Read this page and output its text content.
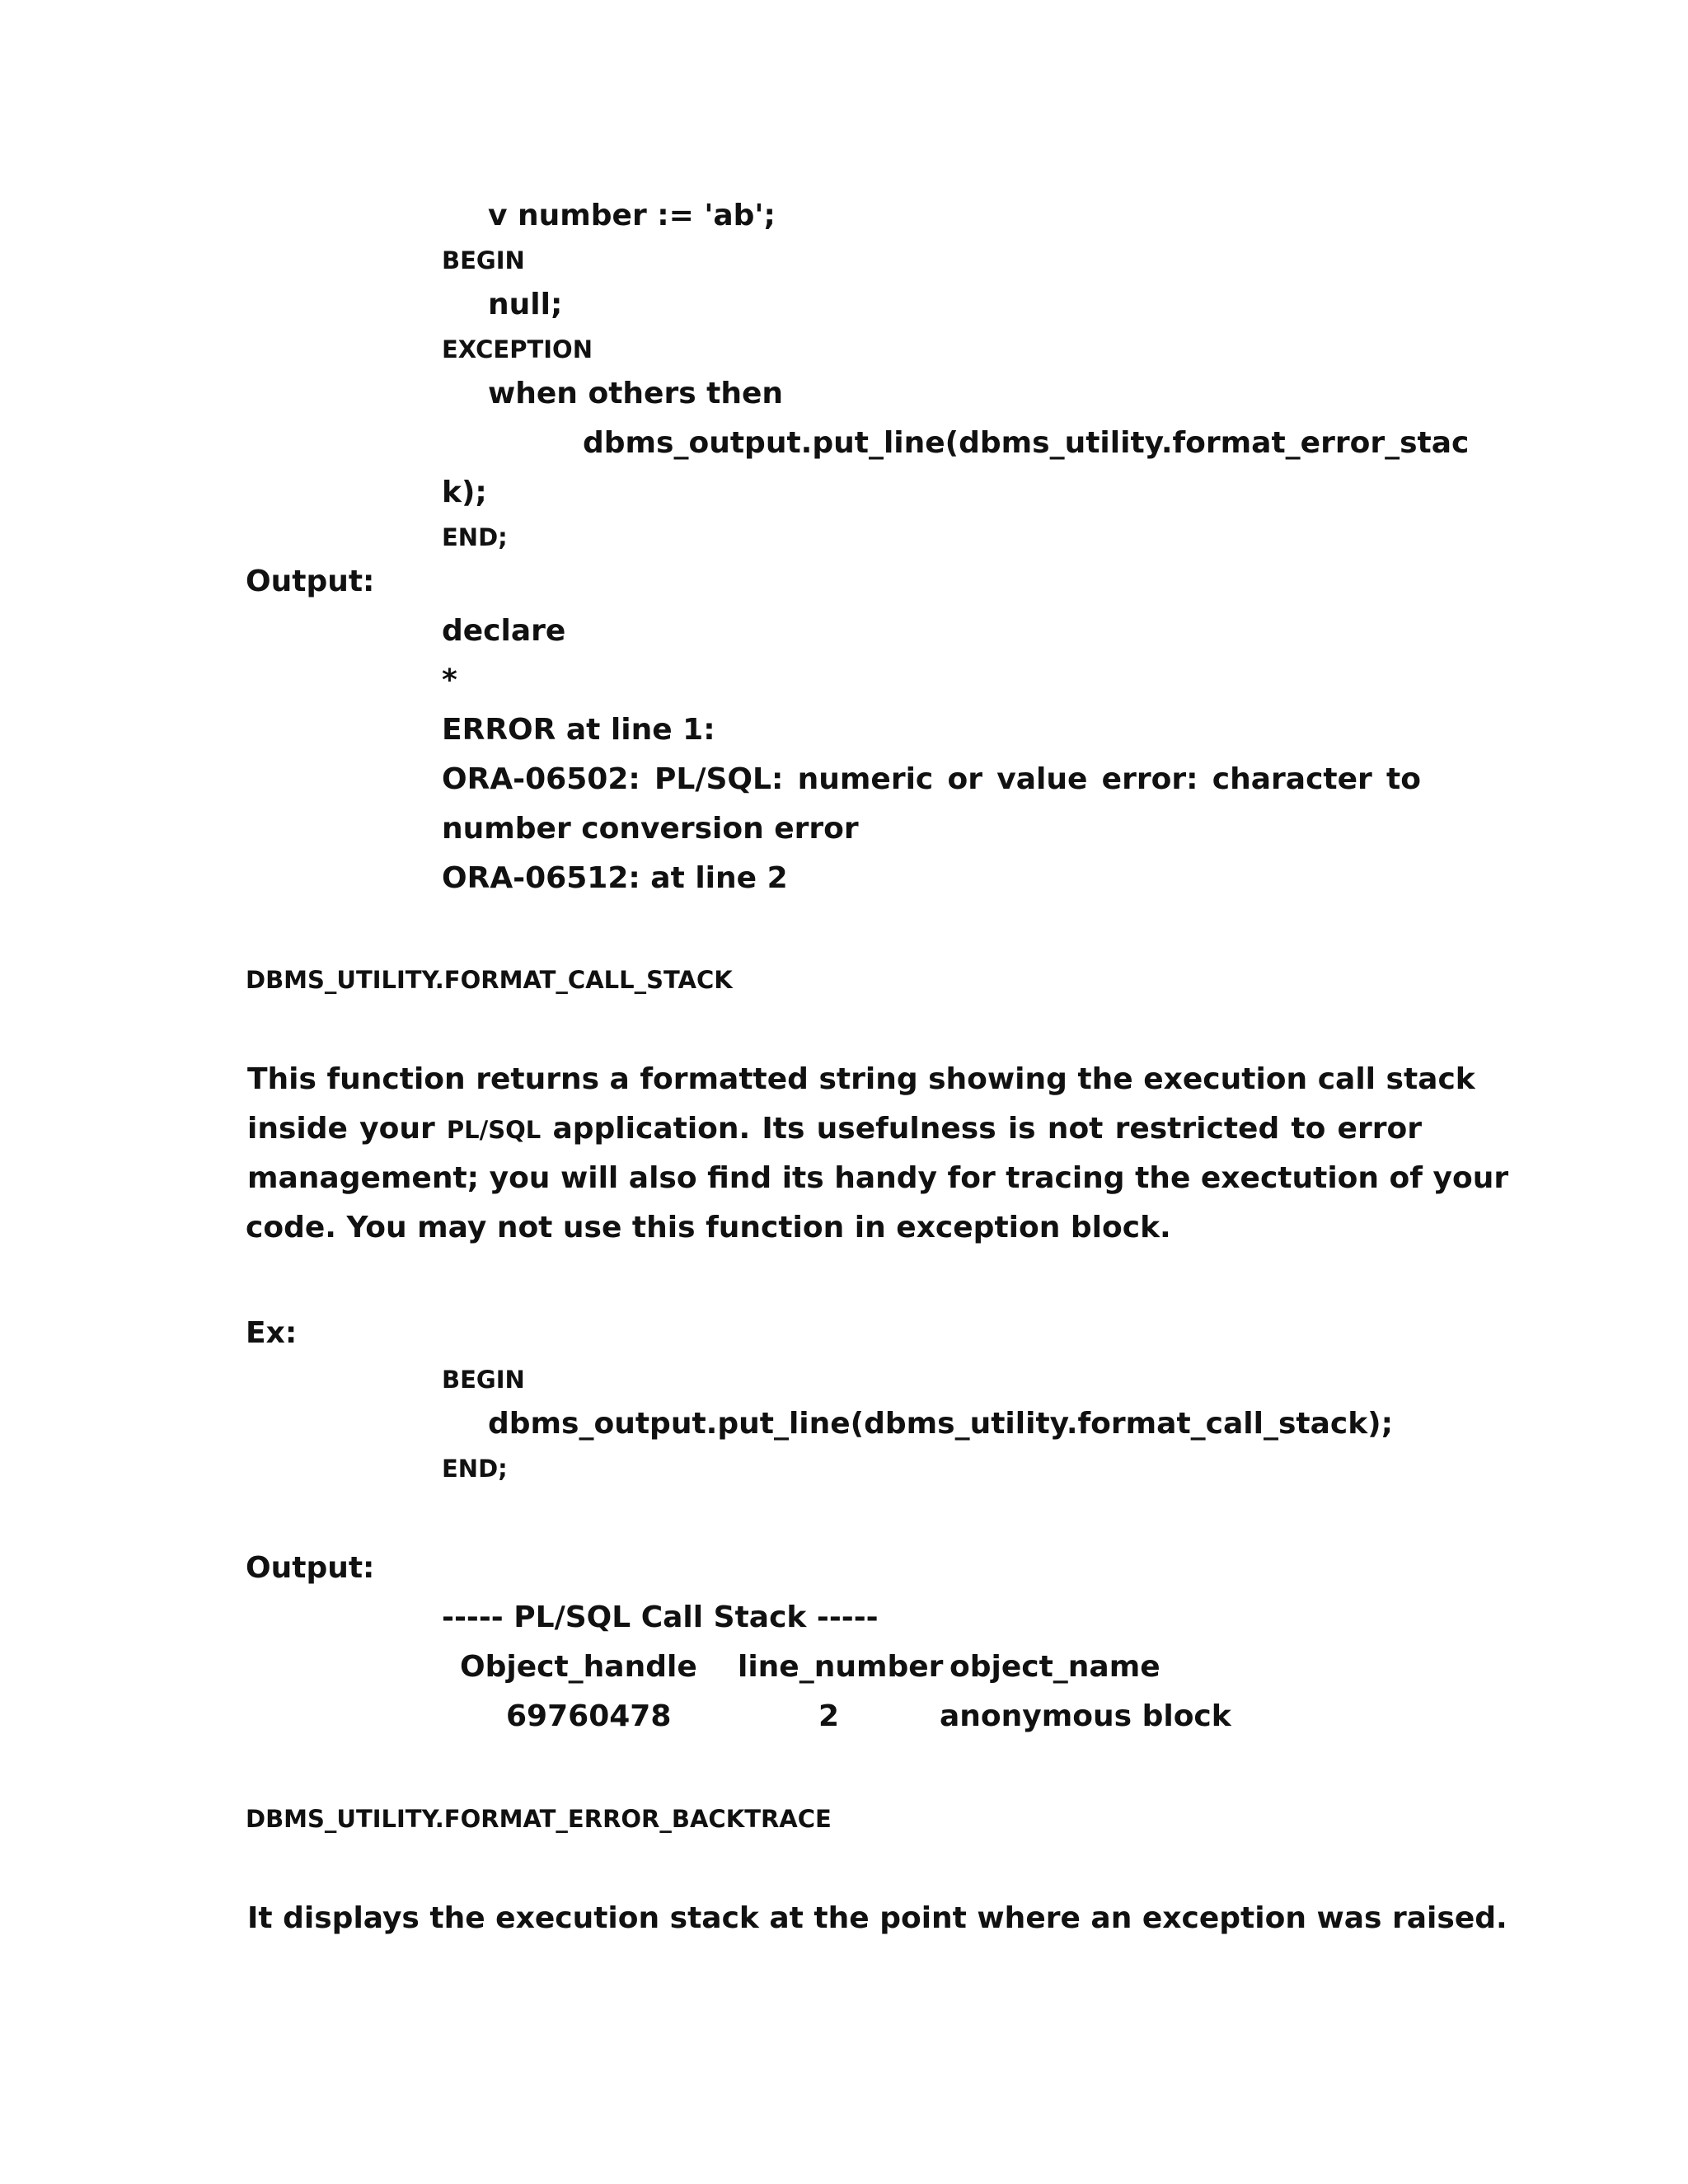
v number := 'ab';
BEGIN
null;
EXCEPTION
when others then
dbms_output.put_line(dbms_utility.format_error_stac
k);
END;
Output:
declare
*
ERROR at line 1:
ORA-06502: PL/SQL: numeric or value error: character to
number conversion error
ORA-06512: at line 2
DBMS_UTILITY.FORMAT_CALL_STACK
This function returns a formatted string showing the execution call stack
inside your PL/SQL application. Its usefulness is not restricted to error
management; you will also find its handy for tracing the exectution of your
code. You may not use this function in exception block.
Ex:
BEGIN
dbms_output.put_line(dbms_utility.format_call_stack);
END;
Output:
----- PL/SQL Call Stack -----
Object_handle line_number object_name
69760478	2	anonymous block
DBMS_UTILITY.FORMAT_ERROR_BACKTRACE
It displays the execution stack at the point where an exception was raised.
